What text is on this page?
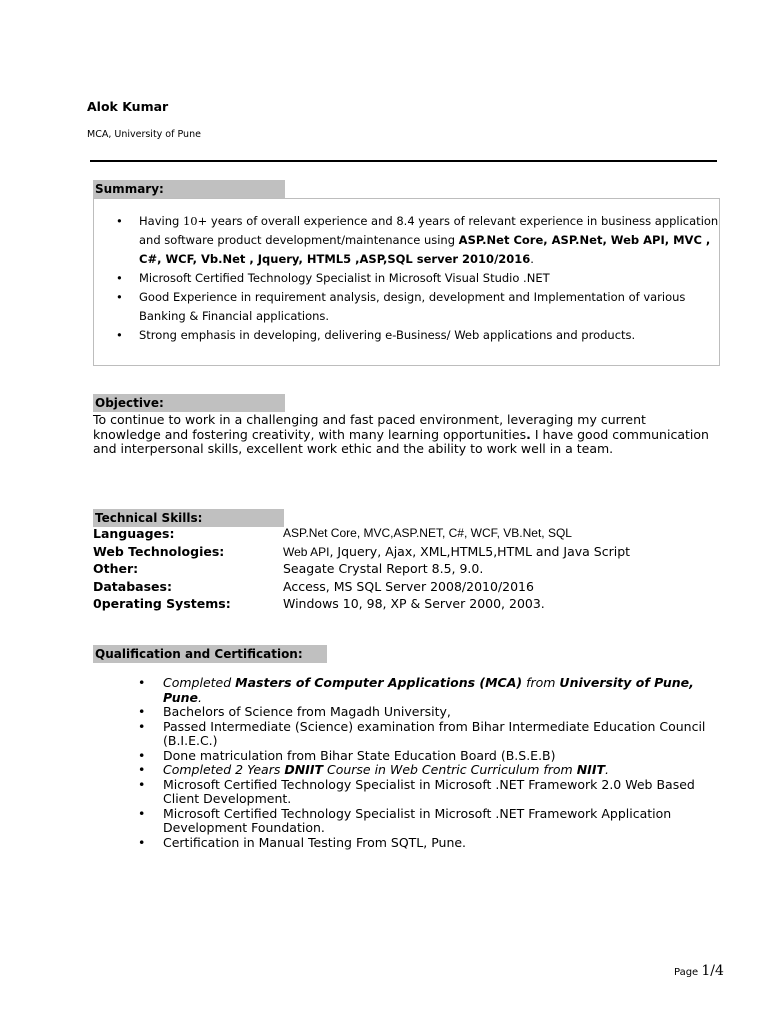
Alok Kumar
MCA, University of Pune
Summary:
• Having 10+ years of overall experience and 8.4 years of relevant experience in business application and software product development/maintenance using ASP.Net Core, ASP.Net, Web API, MVC , C#, WCF, Vb.Net , Jquery, HTML5 ,ASP,SQL server 2010/2016.
• Microsoft Certified Technology Specialist in Microsoft Visual Studio .NET
• Good Experience in requirement analysis, design, development and Implementation of various Banking & Financial applications.
• Strong emphasis in developing, delivering e-Business/ Web applications and products.
Objective:
To continue to work in a challenging and fast paced environment, leveraging my current knowledge and fostering creativity, with many learning opportunities. I have good communication and interpersonal skills, excellent work ethic and the ability to work well in a team.
Technical Skills:
Languages:	ASP.Net Core, MVC,ASP.NET, C#, WCF, VB.Net, SQL
Web Technologies:	Web API, Jquery, Ajax, XML,HTML5,HTML and Java Script
Other:	Seagate Crystal Report 8.5, 9.0.
Databases:	Access, MS SQL Server 2008/2010/2016
0perating Systems:	Windows 10, 98, XP & Server 2000, 2003.
Qualification and Certification:
• Completed Masters of Computer Applications (MCA) from University of Pune, Pune.
• Bachelors of Science from Magadh University,
• Passed Intermediate (Science) examination from Bihar Intermediate Education Council (B.I.E.C.)
• Done matriculation from Bihar State Education Board (B.S.E.B)
• Completed 2 Years DNIIT Course in Web Centric Curriculum from NIIT.
• Microsoft Certified Technology Specialist in Microsoft .NET Framework 2.0 Web Based Client Development.
• Microsoft Certified Technology Specialist in Microsoft .NET Framework Application Development Foundation.
• Certification in Manual Testing From SQTL, Pune.
Page 1/4
